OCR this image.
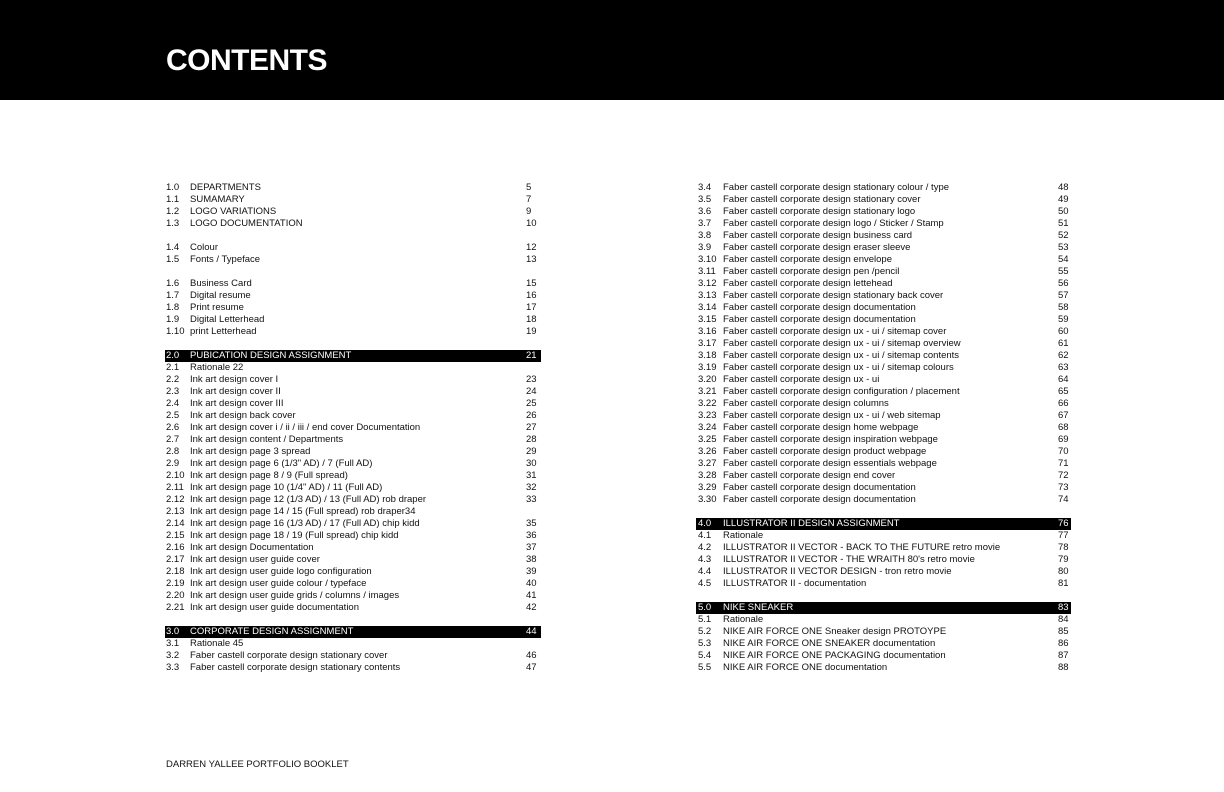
CONTENTS
1.0 DEPARTMENTS	5
1.1 SUMAMARY	7
1.2 LOGO VARIATIONS	9
1.3 LOGO DOCUMENTATION	10
1.4 Colour	12
1.5 Fonts / Typeface	13
1.6 Business Card	15
1.7 Digital resume	16
1.8 Print resume	17
1.9 Digital Letterhead	18
1.10 print Letterhead	19
2.0 PUBICATION DESIGN ASSIGNMENT	21
2.1 Rationale 22
2.2 Ink art design cover I	23
2.3 Ink art design cover II	24
2.4 Ink art design cover III	25
2.5 Ink art design back cover	26
2.6 Ink art design cover i / ii / iii / end cover Documentation	27
2.7 Ink art design content / Departments	28
2.8 Ink art design page 3 spread	29
2.9 Ink art design page 6 (1/3" AD) / 7 (Full AD)	30
2.10 Ink art design page 8 / 9 (Full spread)	31
2.11 Ink art design page 10 (1/4" AD) / 11 (Full AD)	32
2.12 Ink art design page 12 (1/3 AD) / 13 (Full AD) rob draper	33
2.13 Ink art design page 14 / 15 (Full spread) rob draper34
2.14 Ink art design page 16 (1/3 AD) / 17 (Full AD) chip kidd	35
2.15 Ink art design page 18 / 19 (Full spread) chip kidd	36
2.16 Ink art design Documentation	37
2.17 Ink art design user guide cover	38
2.18 Ink art design user guide logo configuration	39
2.19 Ink art design user guide colour / typeface	40
2.20 Ink art design user guide grids / columns / images	41
2.21 Ink art design user guide documentation	42
3.0 CORPORATE DESIGN ASSIGNMENT	44
3.1 Rationale 45
3.2 Faber castell corporate design stationary cover	46
3.3 Faber castell corporate design stationary contents	47
3.4 Faber castell corporate design stationary colour / type	48
3.5 Faber castell corporate design stationary cover	49
3.6 Faber castell corporate design stationary logo	50
3.7 Faber castell corporate design logo / Sticker / Stamp	51
3.8 Faber castell corporate design business card	52
3.9 Faber castell corporate design eraser sleeve	53
3.10 Faber castell corporate design envelope	54
3.11 Faber castell corporate design pen /pencil	55
3.12 Faber castell corporate design lettehead	56
3.13 Faber castell corporate design stationary back cover	57
3.14 Faber castell corporate design documentation	58
3.15 Faber castell corporate design documentation	59
3.16 Faber castell corporate design ux - ui / sitemap cover	60
3.17 Faber castell corporate design ux - ui / sitemap overview	61
3.18 Faber castell corporate design ux - ui / sitemap contents	62
3.19 Faber castell corporate design ux - ui / sitemap colours	63
3.20 Faber castell corporate design ux - ui	64
3.21 Faber castell corporate design configuration / placement	65
3.22 Faber castell corporate design columns	66
3.23 Faber castell corporate design ux - ui / web sitemap	67
3.24 Faber castell corporate design home webpage	68
3.25 Faber castell corporate design inspiration webpage	69
3.26 Faber castell corporate design product webpage	70
3.27 Faber castell corporate design essentials webpage	71
3.28 Faber castell corporate design end cover	72
3.29 Faber castell corporate design documentation	73
3.30 Faber castell corporate design documentation	74
4.0 ILLUSTRATOR II DESIGN ASSIGNMENT	76
4.1 Rationale	77
4.2 ILLUSTRATOR II VECTOR - BACK TO THE FUTURE retro movie	78
4.3 ILLUSTRATOR II VECTOR - THE WRAITH 80's retro movie	79
4.4 ILLUSTRATOR II VECTOR DESIGN - tron retro movie	80
4.5 ILLUSTRATOR II - documentation	81
5.0 NIKE SNEAKER	83
5.1 Rationale	84
5.2 NIKE AIR FORCE ONE Sneaker design PROTOYPE	85
5.3 NIKE AIR FORCE ONE SNEAKER documentation	86
5.4 NIKE AIR FORCE ONE PACKAGING documentation	87
5.5 NIKE AIR FORCE ONE documentation	88
DARREN YALLEE PORTFOLIO BOOKLET
